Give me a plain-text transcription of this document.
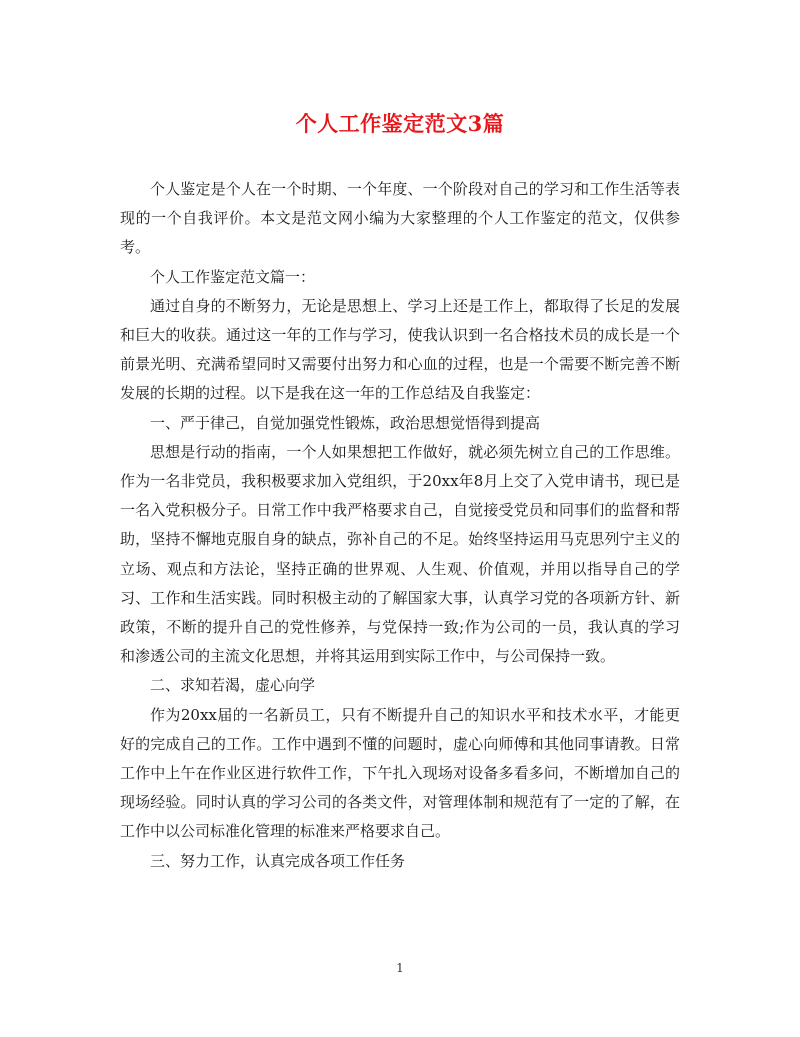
个人工作鉴定范文3篇

个人鉴定是个人在一个时期、一个年度、一个阶段对自己的学习和工作生活等表现的一个自我评价。本文是范文网小编为大家整理的个人工作鉴定的范文，仅供参考。

个人工作鉴定范文篇一：

通过自身的不断努力，无论是思想上、学习上还是工作上，都取得了长足的发展和巨大的收获。通过这一年的工作与学习，使我认识到一名合格技术员的成长是一个前景光明、充满希望同时又需要付出努力和心血的过程，也是一个需要不断完善不断发展的长期的过程。以下是我在这一年的工作总结及自我鉴定：

一、严于律己，自觉加强党性锻炼，政治思想觉悟得到提高

思想是行动的指南，一个人如果想把工作做好，就必须先树立自己的工作思维。作为一名非党员，我积极要求加入党组织，于20xx年8月上交了入党申请书，现已是一名入党积极分子。日常工作中我严格要求自己，自觉接受党员和同事们的监督和帮助，坚持不懈地克服自身的缺点，弥补自己的不足。始终坚持运用马克思列宁主义的立场、观点和方法论，坚持正确的世界观、人生观、价值观，并用以指导自己的学习、工作和生活实践。同时积极主动的了解国家大事，认真学习党的各项新方针、新政策，不断的提升自己的党性修养，与党保持一致;作为公司的一员，我认真的学习和渗透公司的主流文化思想，并将其运用到实际工作中，与公司保持一致。

二、求知若渴，虚心向学

作为20xx届的一名新员工，只有不断提升自己的知识水平和技术水平，才能更好的完成自己的工作。工作中遇到不懂的问题时，虚心向师傅和其他同事请教。日常工作中上午在作业区进行软件工作，下午扎入现场对设备多看多问，不断增加自己的现场经验。同时认真的学习公司的各类文件，对管理体制和规范有了一定的了解，在工作中以公司标准化管理的标准来严格要求自己。

三、努力工作，认真完成各项工作任务

1
